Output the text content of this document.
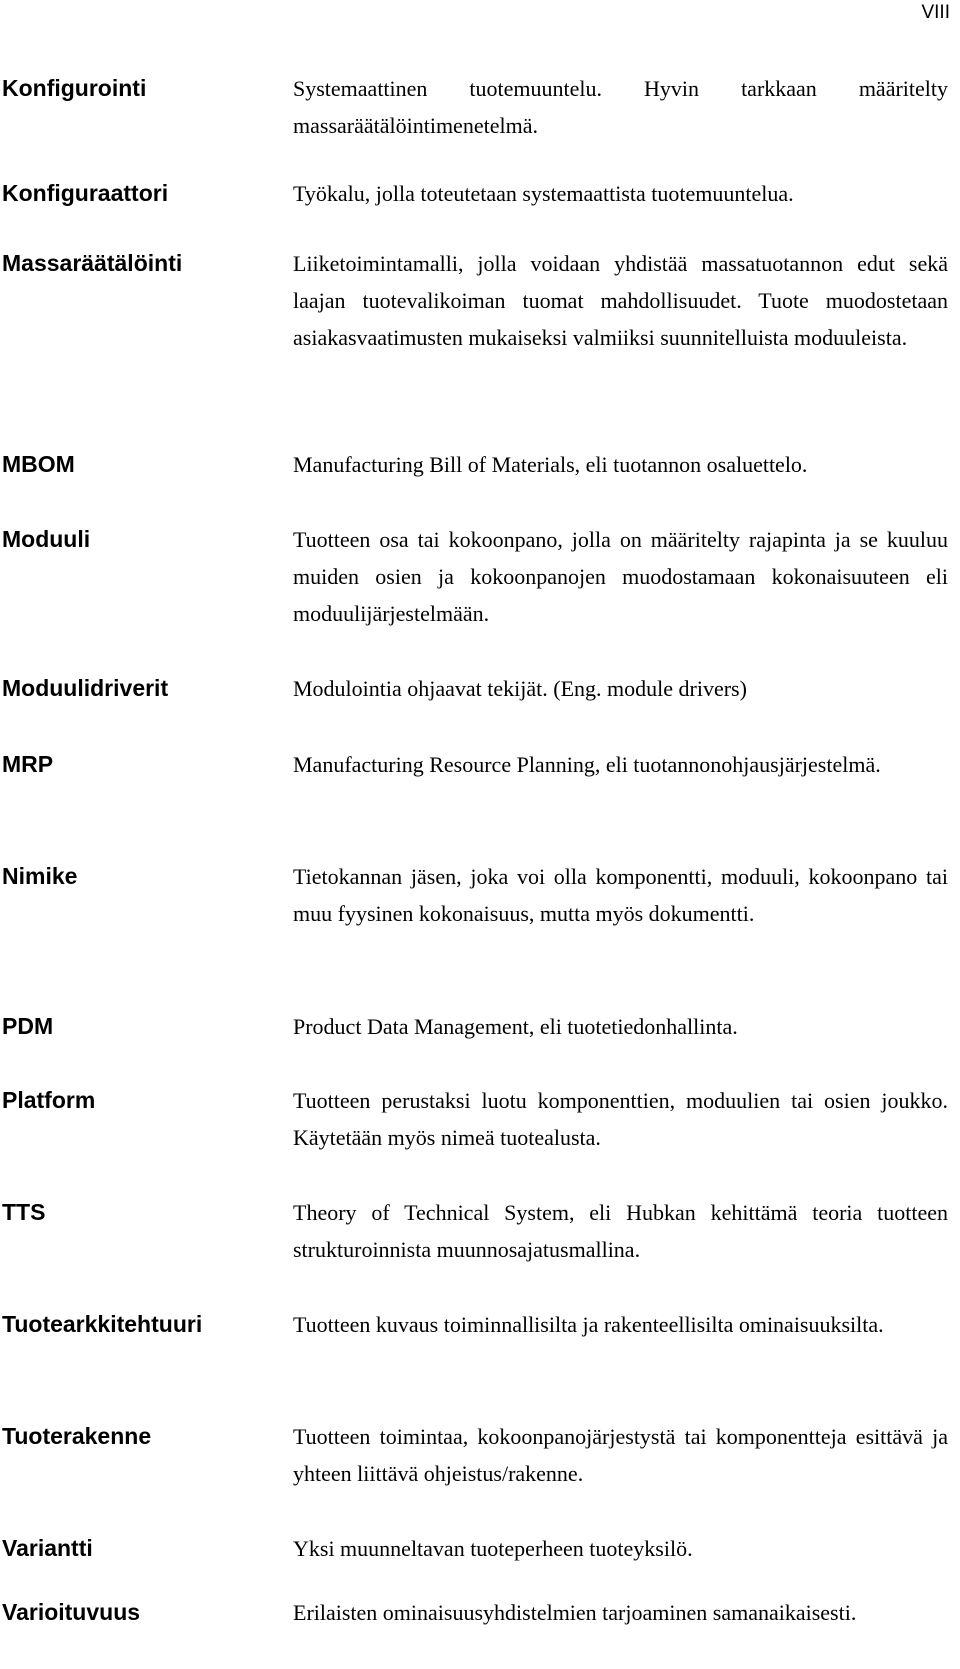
VIII
Konfigurointi	Systemaattinen tuotemuuntelu. Hyvin tarkkaan määritelty massaräätälöintimenetelmä.
Konfiguraattori	Työkalu, jolla toteutetaan systemaattista tuotemuuntelua.
Massaräätälöinti	Liiketoimintamalli, jolla voidaan yhdistää massatuotannon edut sekä laajan tuotevalikoiman tuomat mahdollisuudet. Tuote muodostetaan asiakasvaatimusten mukaiseksi valmiiksi suunnitelluista moduuleista.
MBOM	Manufacturing Bill of Materials, eli tuotannon osaluettelo.
Moduuli	Tuotteen osa tai kokoonpano, jolla on määritelty rajapinta ja se kuuluu muiden osien ja kokoonpanojen muodostamaan kokonaisuuteen eli moduulijärjestelmään.
Moduulidriverit	Modulointia ohjaavat tekijät. (Eng. module drivers)
MRP	Manufacturing Resource Planning, eli tuotannonohjausjärjestelmä.
Nimike	Tietokannan jäsen, joka voi olla komponentti, moduuli, kokoonpano tai muu fyysinen kokonaisuus, mutta myös dokumentti.
PDM	Product Data Management, eli tuotetiedonhallinta.
Platform	Tuotteen perustaksi luotu komponenttien, moduulien tai osien joukko. Käytetään myös nimeä tuotealusta.
TTS	Theory of Technical System, eli Hubkan kehittämä teoria tuotteen strukturoinnista muunnosajatusmallina.
Tuotearkkitehtuuri	Tuotteen kuvaus toiminnallisilta ja rakenteellisilta ominaisuuksilta.
Tuoterakenne	Tuotteen toimintaa, kokoonpanojärjestystä tai komponentteja esittävä ja yhteen liittävä ohjeistus/rakenne.
Variantti	Yksi muunneltavan tuoteperheen tuoteyksilö.
Varioituvuus	Erilaisten ominaisuusyhdistelmien tarjoaminen samanaikaisesti.
